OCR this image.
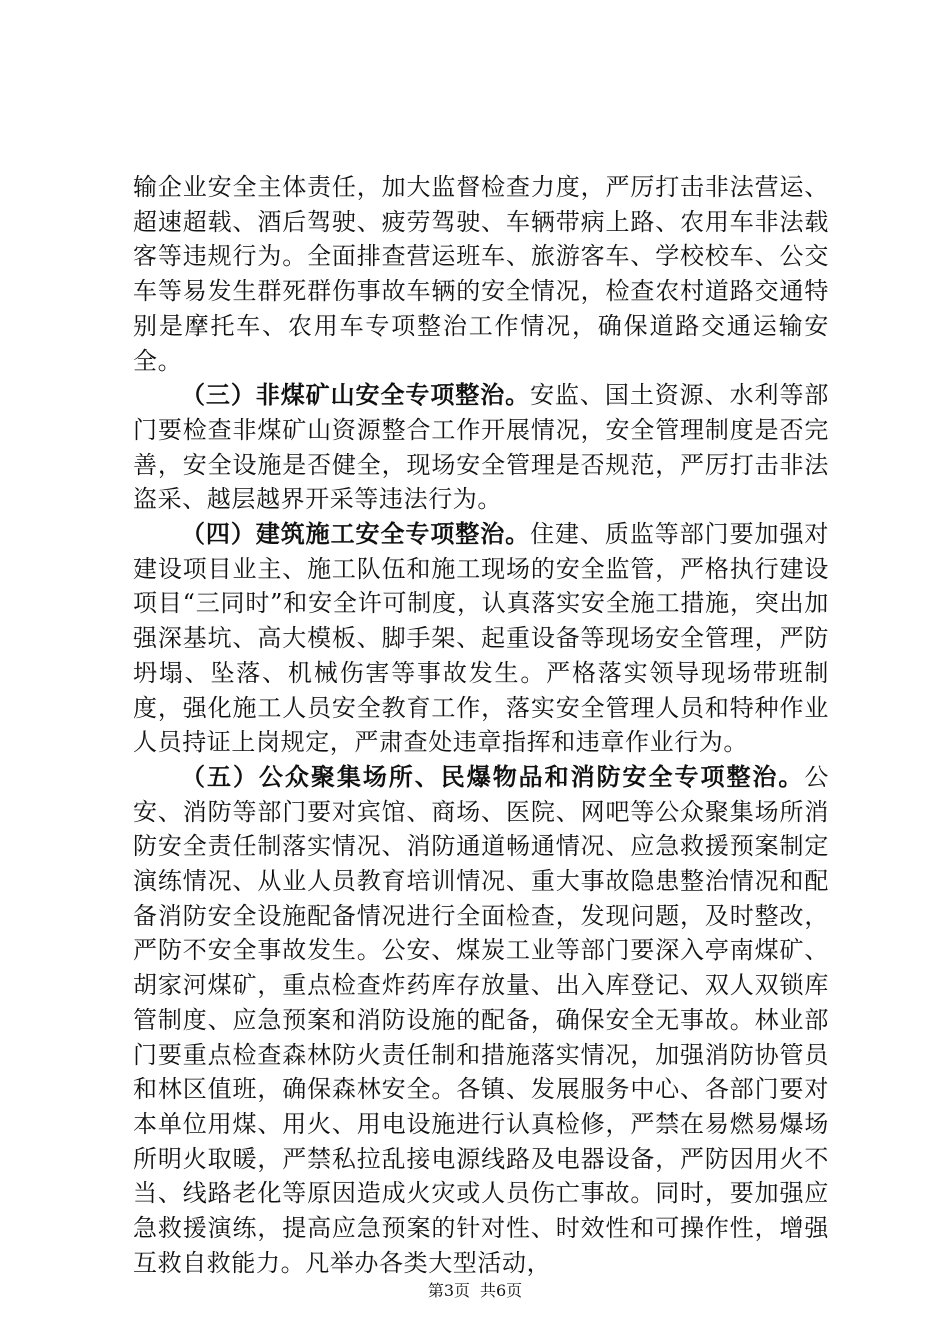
输企业安全主体责任，加大监督检查力度，严厉打击非法营运、超速超载、酒后驾驶、疲劳驾驶、车辆带病上路、农用车非法载客等违规行为。全面排查营运班车、旅游客车、学校校车、公交车等易发生群死群伤事故车辆的安全情况，检查农村道路交通特别是摩托车、农用车专项整治工作情况，确保道路交通运输安全。

（三）非煤矿山安全专项整治。安监、国土资源、水利等部门要检查非煤矿山资源整合工作开展情况，安全管理制度是否完善，安全设施是否健全，现场安全管理是否规范，严厉打击非法盗采、越层越界开采等违法行为。

（四）建筑施工安全专项整治。住建、质监等部门要加强对建设项目业主、施工队伍和施工现场的安全监管，严格执行建设项目“三同时”和安全许可制度，认真落实安全施工措施，突出加强深基坑、高大模板、脚手架、起重设备等现场安全管理，严防坍塌、坠落、机械伤害等事故发生。严格落实领导现场带班制度，强化施工人员安全教育工作，落实安全管理人员和特种作业人员持证上岗规定，严肃查处违章指挥和违章作业行为。

（五）公众聚集场所、民爆物品和消防安全专项整治。公安、消防等部门要对宾馆、商场、医院、网吧等公众聚集场所消防安全责任制落实情况、消防通道畅通情况、应急救援预案制定演练情况、从业人员教育培训情况、重大事故隐患整治情况和配备消防安全设施配备情况进行全面检查，发现问题，及时整改，严防不安全事故发生。公安、煤炭工业等部门要深入亭南煤矿、胡家河煤矿，重点检查炸药库存放量、出入库登记、双人双锁库管制度、应急预案和消防设施的配备，确保安全无事故。林业部门要重点检查森林防火责任制和措施落实情况，加强消防协管员和林区值班，确保森林安全。各镇、发展服务中心、各部门要对本单位用煤、用火、用电设施进行认真检修，严禁在易燃易爆场所明火取暖，严禁私拉乱接电源线路及电器设备，严防因用火不当、线路老化等原因造成火灾或人员伤亡事故。同时，要加强应急救援演练，提高应急预案的针对性、时效性和可操作性，增强互救自救能力。凡举办各类大型活动，

第3页 共6页
